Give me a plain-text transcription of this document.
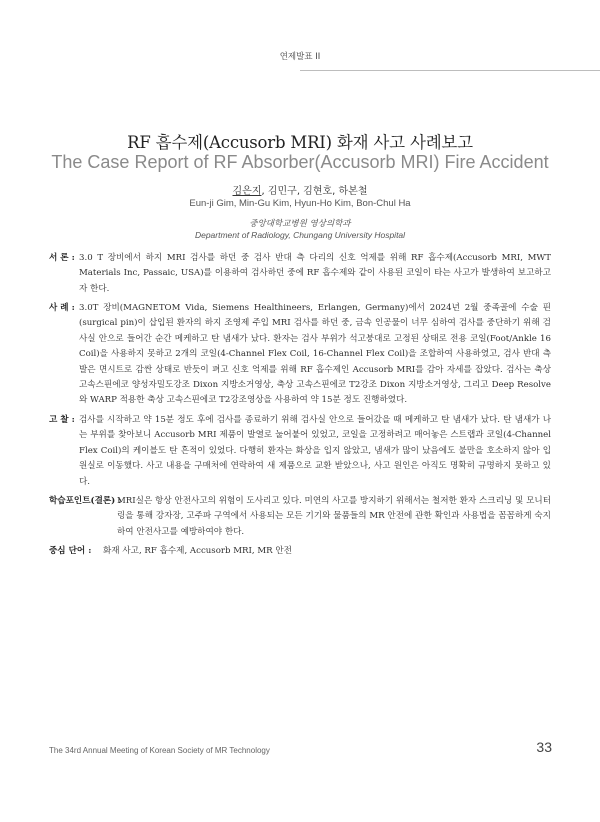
연제발표 II
RF 흡수제(Accusorb MRI) 화재 사고 사례보고
The Case Report of RF Absorber(Accusorb MRI) Fire Accident
김은지, 김민구, 김현호, 하본철
Eun-ji Gim, Min-Gu Kim, Hyun-Ho Kim, Bon-Chul Ha
중앙대학교병원 영상의학과
Department of Radiology, Chungang University Hospital
서 론 : 3.0 T 장비에서 하지 MRI 검사를 하던 중 검사 반대 측 다리의 신호 억제를 위해 RF 흡수제(Accusorb MRI, MWT Materials Inc, Passaic, USA)를 이용하여 검사하던 중에 RF 흡수제와 같이 사용된 코일이 타는 사고가 발생하여 보고하고자 한다.

사 례 : 3.0T 장비(MAGNETOM Vida, Siemens Healthineers, Erlangen, Germany)에서 2024년 2월 중족골에 수술 핀(surgical pin)이 삽입된 환자의 하지 조영제 주입 MRI 검사를 하던 중, 금속 인공물이 너무 심하여 검사를 중단하기 위해 검사실 안으로 들어간 순간 메케하고 탄 냄새가 났다. 환자는 검사 부위가 석고붕대로 고정된 상태로 전용 코일(Foot/Ankle 16 Coil)을 사용하지 못하고 2개의 코일(4-Channel Flex Coil, 16-Channel Flex Coil)을 조합하여 사용하였고, 검사 반대 측 발은 면시트로 감싼 상태로 반듯이 펴고 신호 억제를 위해 RF 흡수제인 Accusorb MRI를 감아 자세를 잡았다. 검사는 축상 고속스핀에코 양성자밀도강조 Dixon 지방소거영상, 축상 고속스핀에코 T2강조 Dixon 지방소거영상, 그리고 Deep Resolve와 WARP 적용한 축상 고속스핀에코 T2강조영상을 사용하여 약 15분 정도 진행하였다.

고 찰 : 검사를 시작하고 약 15분 정도 후에 검사를 종료하기 위해 검사실 안으로 들어갔을 때 메케하고 탄 냄새가 났다. 탄 냄새가 나는 부위를 찾아보니 Accusorb MRI 제품이 발열로 눌어붙어 있었고, 코일을 고정하려고 매어놓은 스트랩과 코일(4-Channel Flex Coil)의 케이블도 탄 흔적이 있었다. 다행히 환자는 화상을 입지 않았고, 냄새가 많이 났음에도 불만을 호소하지 않아 입원실로 이동했다. 사고 내용을 구매처에 연락하여 새 제품으로 교환 받았으나, 사고 원인은 아직도 명확히 규명하지 못하고 있다.

학습포인트(결론) :

MRI실은 항상 안전사고의 위험이 도사리고 있다. 미연의 사고를 방지하기 위해서는 철저한 환자 스크리닝 및 모니터링을 통해 강자장, 고주파 구역에서 사용되는 모든 기기와 물품들의 MR 안전에 관한 확인과 사용법을 꼼꼼하게 숙지하여 안전사고를 예방하여야 한다.

중심 단어 :	화재 사고, RF 흡수제, Accusorb MRI, MR 안전

The 34rd Annual Meeting of Korean Society of MR Technology	33
